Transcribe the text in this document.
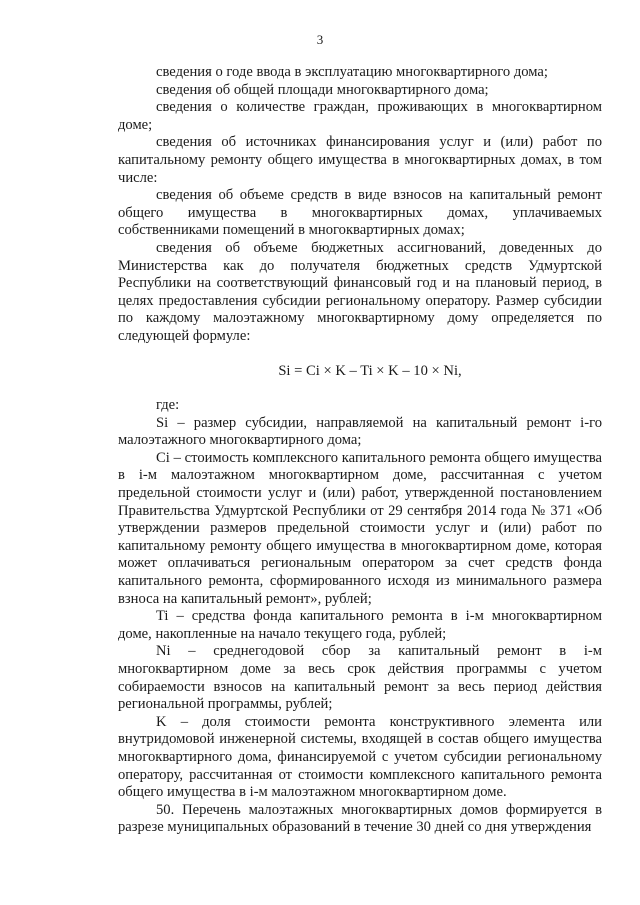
3

сведения о годе ввода в эксплуатацию многоквартирного дома;

сведения об общей площади многоквартирного дома;

сведения о количестве граждан, проживающих в многоквартирном доме;

сведения об источниках финансирования услуг и (или) работ по капитальному ремонту общего имущества в многоквартирных домах, в том числе:

сведения об объеме средств в виде взносов на капитальный ремонт общего имущества в многоквартирных домах, уплачиваемых собственниками помещений в многоквартирных домах;

сведения об объеме бюджетных ассигнований, доведенных до Министерства как до получателя бюджетных средств Удмуртской Республики на соответствующий финансовый год и на плановый период, в целях предоставления субсидии региональному оператору. Размер субсидии по каждому малоэтажному многоквартирному дому определяется по следующей формуле:

Si = Ci × K – Ti × K – 10 × Ni,

где:

Si – размер субсидии, направляемой на капитальный ремонт i-го малоэтажного многоквартирного дома;

Ci – стоимость комплексного капитального ремонта общего имущества в i-м малоэтажном многоквартирном доме, рассчитанная с учетом предельной стоимости услуг и (или) работ, утвержденной постановлением Правительства Удмуртской Республики от 29 сентября 2014 года № 371 «Об утверждении размеров предельной стоимости услуг и (или) работ по капитальному ремонту общего имущества в многоквартирном доме, которая может оплачиваться региональным оператором за счет средств фонда капитального ремонта, сформированного исходя из минимального размера взноса на капитальный ремонт», рублей;

Ti – средства фонда капитального ремонта в i-м многоквартирном доме, накопленные на начало текущего года, рублей;

Ni – среднегодовой сбор за капитальный ремонт в i-м многоквартирном доме за весь срок действия программы с учетом собираемости взносов на капитальный ремонт за весь период действия региональной программы, рублей;

K – доля стоимости ремонта конструктивного элемента или внутридомовой инженерной системы, входящей в состав общего имущества многоквартирного дома, финансируемой с учетом субсидии региональному оператору, рассчитанная от стоимости комплексного капитального ремонта общего имущества в i-м малоэтажном многоквартирном доме.

50. Перечень малоэтажных многоквартирных домов формируется в разрезе муниципальных образований в течение 30 дней со дня утверждения
